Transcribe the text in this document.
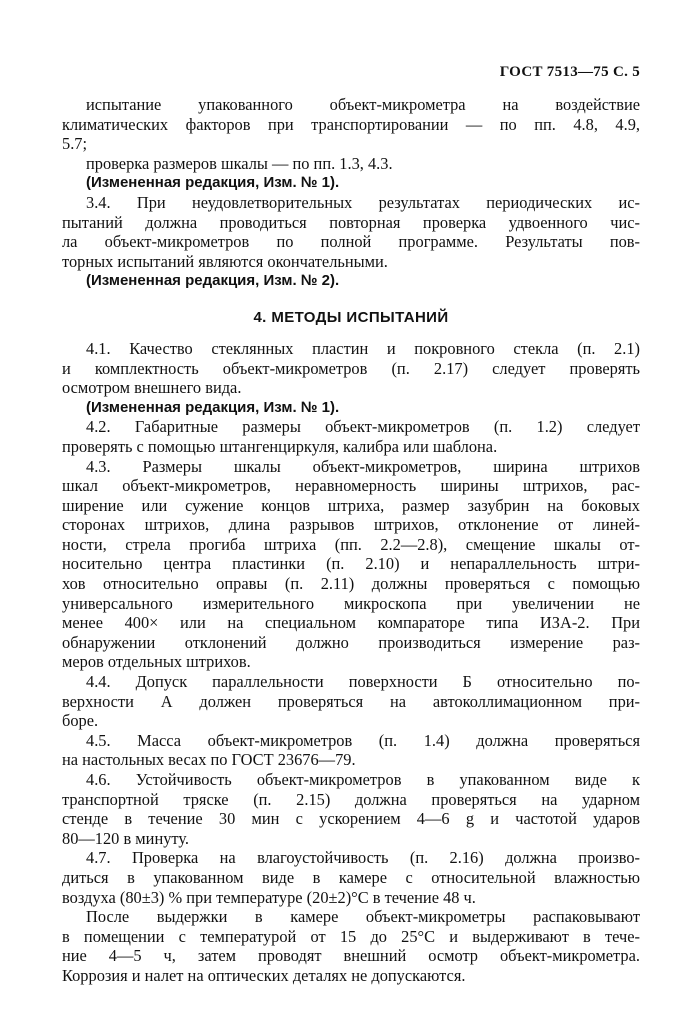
ГОСТ 7513—75 С. 5
испытание упакованного объект-микрометра на воздействие
климатических факторов при транспортировании — по пп. 4.8, 4.9,
5.7;
проверка размеров шкалы — по пп. 1.3, 4.3.
(Измененная редакция, Изм. № 1).
3.4. При неудовлетворительных результатах периодических ис-
пытаний должна проводиться повторная проверка удвоенного чис-
ла объект-микрометров по полной программе. Результаты пов-
торных испытаний являются окончательными.
(Измененная редакция, Изм. № 2).
4. МЕТОДЫ ИСПЫТАНИЙ
4.1. Качество стеклянных пластин и покровного стекла (п. 2.1)
и комплектность объект-микрометров (п. 2.17) следует проверять
осмотром внешнего вида.
(Измененная редакция, Изм. № 1).
4.2. Габаритные размеры объект-микрометров (п. 1.2) следует
проверять с помощью штангенциркуля, калибра или шаблона.
4.3. Размеры шкалы объект-микрометров, ширина штрихов
шкал объект-микрометров, неравномерность ширины штрихов, рас-
ширение или сужение концов штриха, размер зазубрин на боковых
сторонах штрихов, длина разрывов штрихов, отклонение от линей-
ности, стрела прогиба штриха (пп. 2.2—2.8), смещение шкалы от-
носительно центра пластинки (п. 2.10) и непараллельность штри-
хов относительно оправы (п. 2.11) должны проверяться с помощью
универсального измерительного микроскопа при увеличении не
менее 400× или на специальном компараторе типа ИЗА-2. При
обнаружении отклонений должно производиться измерение раз-
меров отдельных штрихов.
4.4. Допуск параллельности поверхности Б относительно по-
верхности А должен проверяться на автоколлимационном при-
боре.
4.5. Масса объект-микрометров (п. 1.4) должна проверяться
на настольных весах по ГОСТ 23676—79.
4.6. Устойчивость объект-микрометров в упакованном виде к
транспортной тряске (п. 2.15) должна проверяться на ударном
стенде в течение 30 мин с ускорением 4—6 g и частотой ударов
80—120 в минуту.
4.7. Проверка на влагоустойчивость (п. 2.16) должна произво-
диться в упакованном виде в камере с относительной влажностью
воздуха (80±3) % при температуре (20±2)°С в течение 48 ч.
После выдержки в камере объект-микрометры распаковывают
в помещении с температурой от 15 до 25°С и выдерживают в тече-
ние 4—5 ч, затем проводят внешний осмотр объект-микрометра.
Коррозия и налет на оптических деталях не допускаются.
